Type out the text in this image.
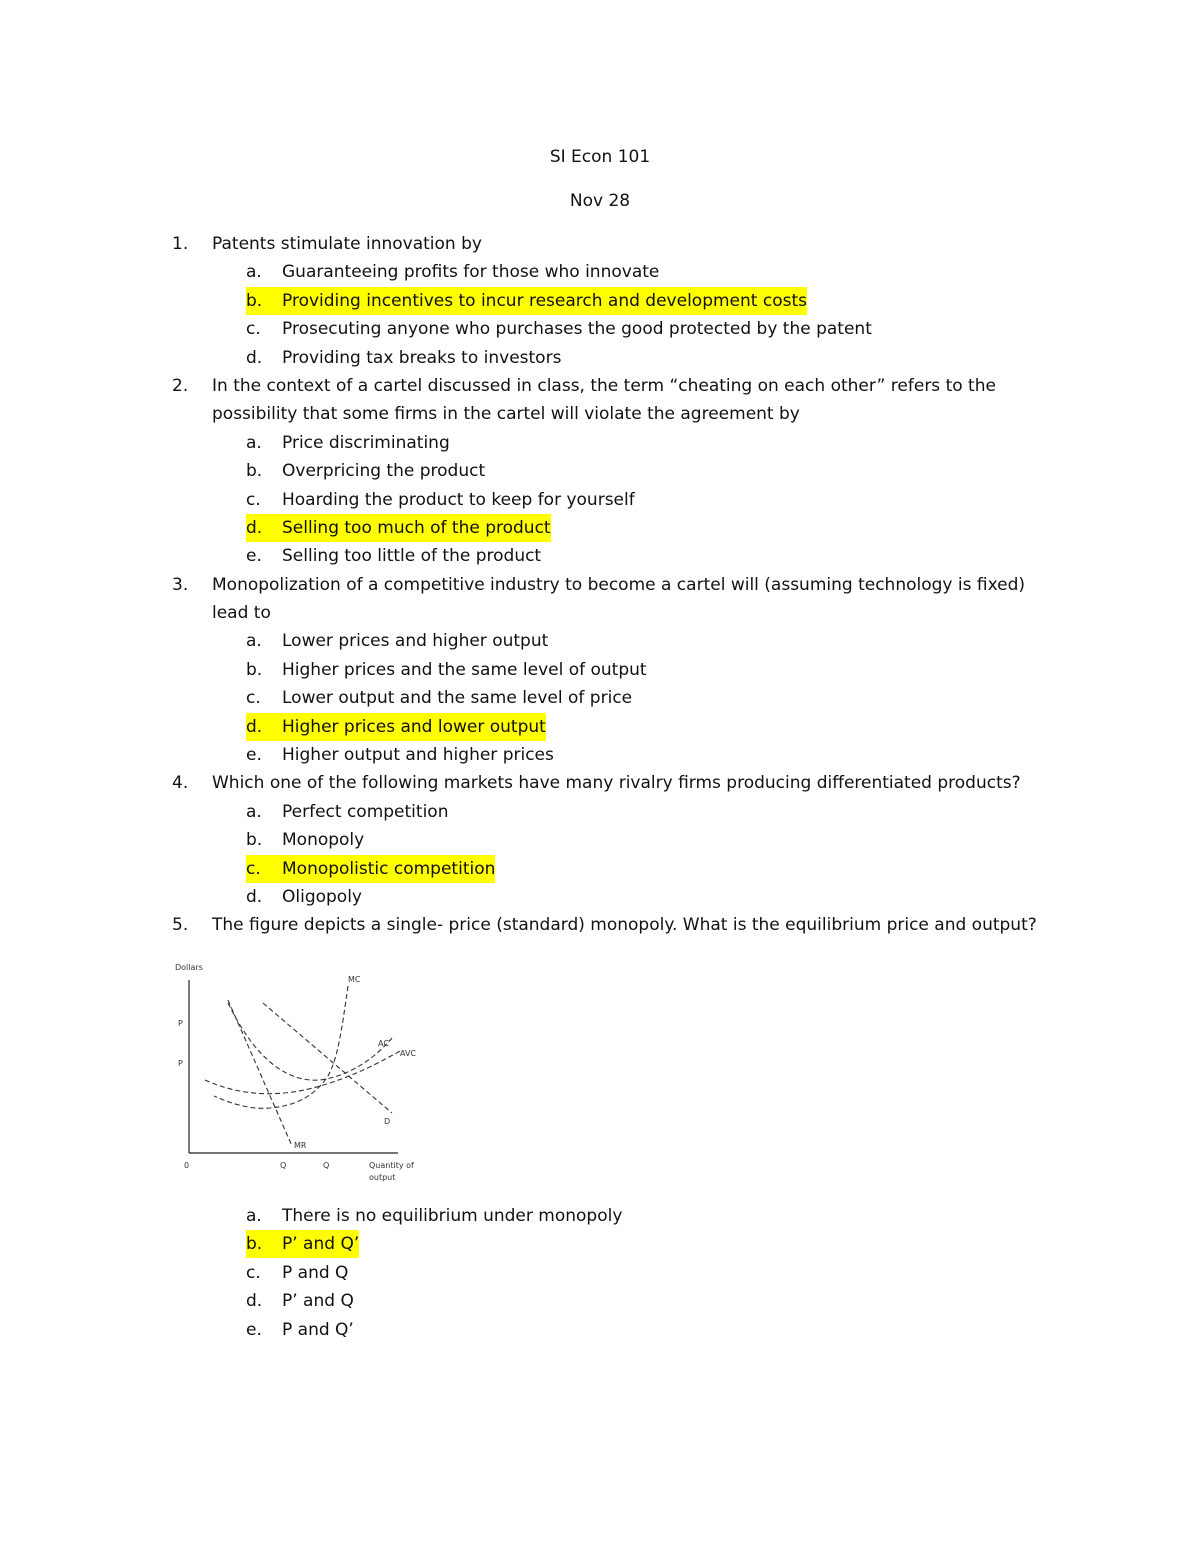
SI Econ 101
Nov 28
1. Patents stimulate innovation by
a. Guaranteeing profits for those who innovate
b.	Providing incentives to incur research and development costs
c. Prosecuting anyone who purchases the good protected by the patent
d. Providing tax breaks to investors
2. In the context of a cartel discussed in class, the term “cheating on each other” refers to the
possibility that some firms in the cartel will violate the agreement by
a. Price discriminating
b. Overpricing the product
c. Hoarding the product to keep for yourself
d.	Selling too much of the product
e. Selling too little of the product
3. Monopolization of a competitive industry to become a cartel will (assuming technology is fixed)
lead to
a. Lower prices and higher output
b. Higher prices and the same level of output
c. Lower output and the same level of price
d.	Higher prices and lower output
e. Higher output and higher prices
4. Which one of the following markets have many rivalry firms producing differentiated products?
a. Perfect competition
b. Monopoly
c.	Monopolistic competition
d. Oligopoly
5. The figure depicts a single- price (standard) monopoly. What is the equilibrium price and output?
Dollars
P
P
0	Q	Q	Quantity of
output
MC
AC
AVC
D
MR
a. There is no equilibrium under monopoly
b.	P’ and Q’
c. P and Q
d. P’ and Q
e. P and Q’
